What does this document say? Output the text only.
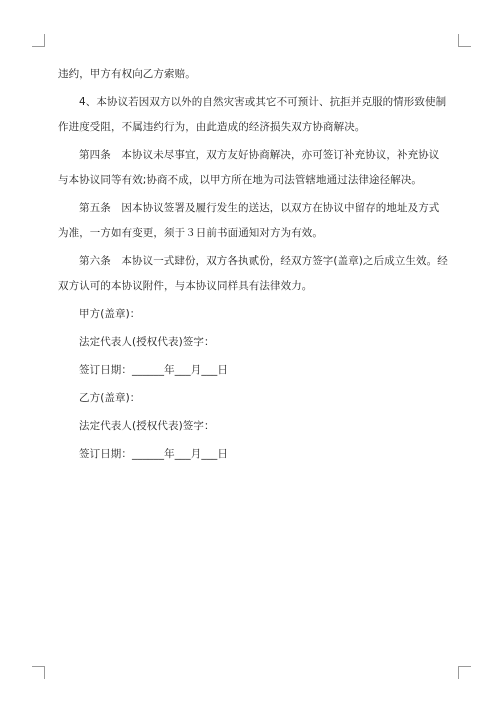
违约，甲方有权向乙方索赔。

4、本协议若因双方以外的自然灾害或其它不可预计、抗拒并克服的情形致使制作进度受阻，不属违约行为，由此造成的经济损失双方协商解决。

第四条　本协议未尽事宜，双方友好协商解决，亦可签订补充协议，补充协议与本协议同等有效;协商不成，以甲方所在地为司法管辖地通过法律途径解决。

第五条　因本协议签署及履行发生的送达，以双方在协议中留存的地址及方式为准，一方如有变更，须于３日前书面通知对方为有效。

第六条　本协议一式肆份，双方各执贰份，经双方签字(盖章)之后成立生效。经双方认可的本协议附件，与本协议同样具有法律效力。

甲方(盖章)：

法定代表人(授权代表)签字：

签订日期：______年___月___日

乙方(盖章)：

法定代表人(授权代表)签字：

签订日期：______年___月___日
